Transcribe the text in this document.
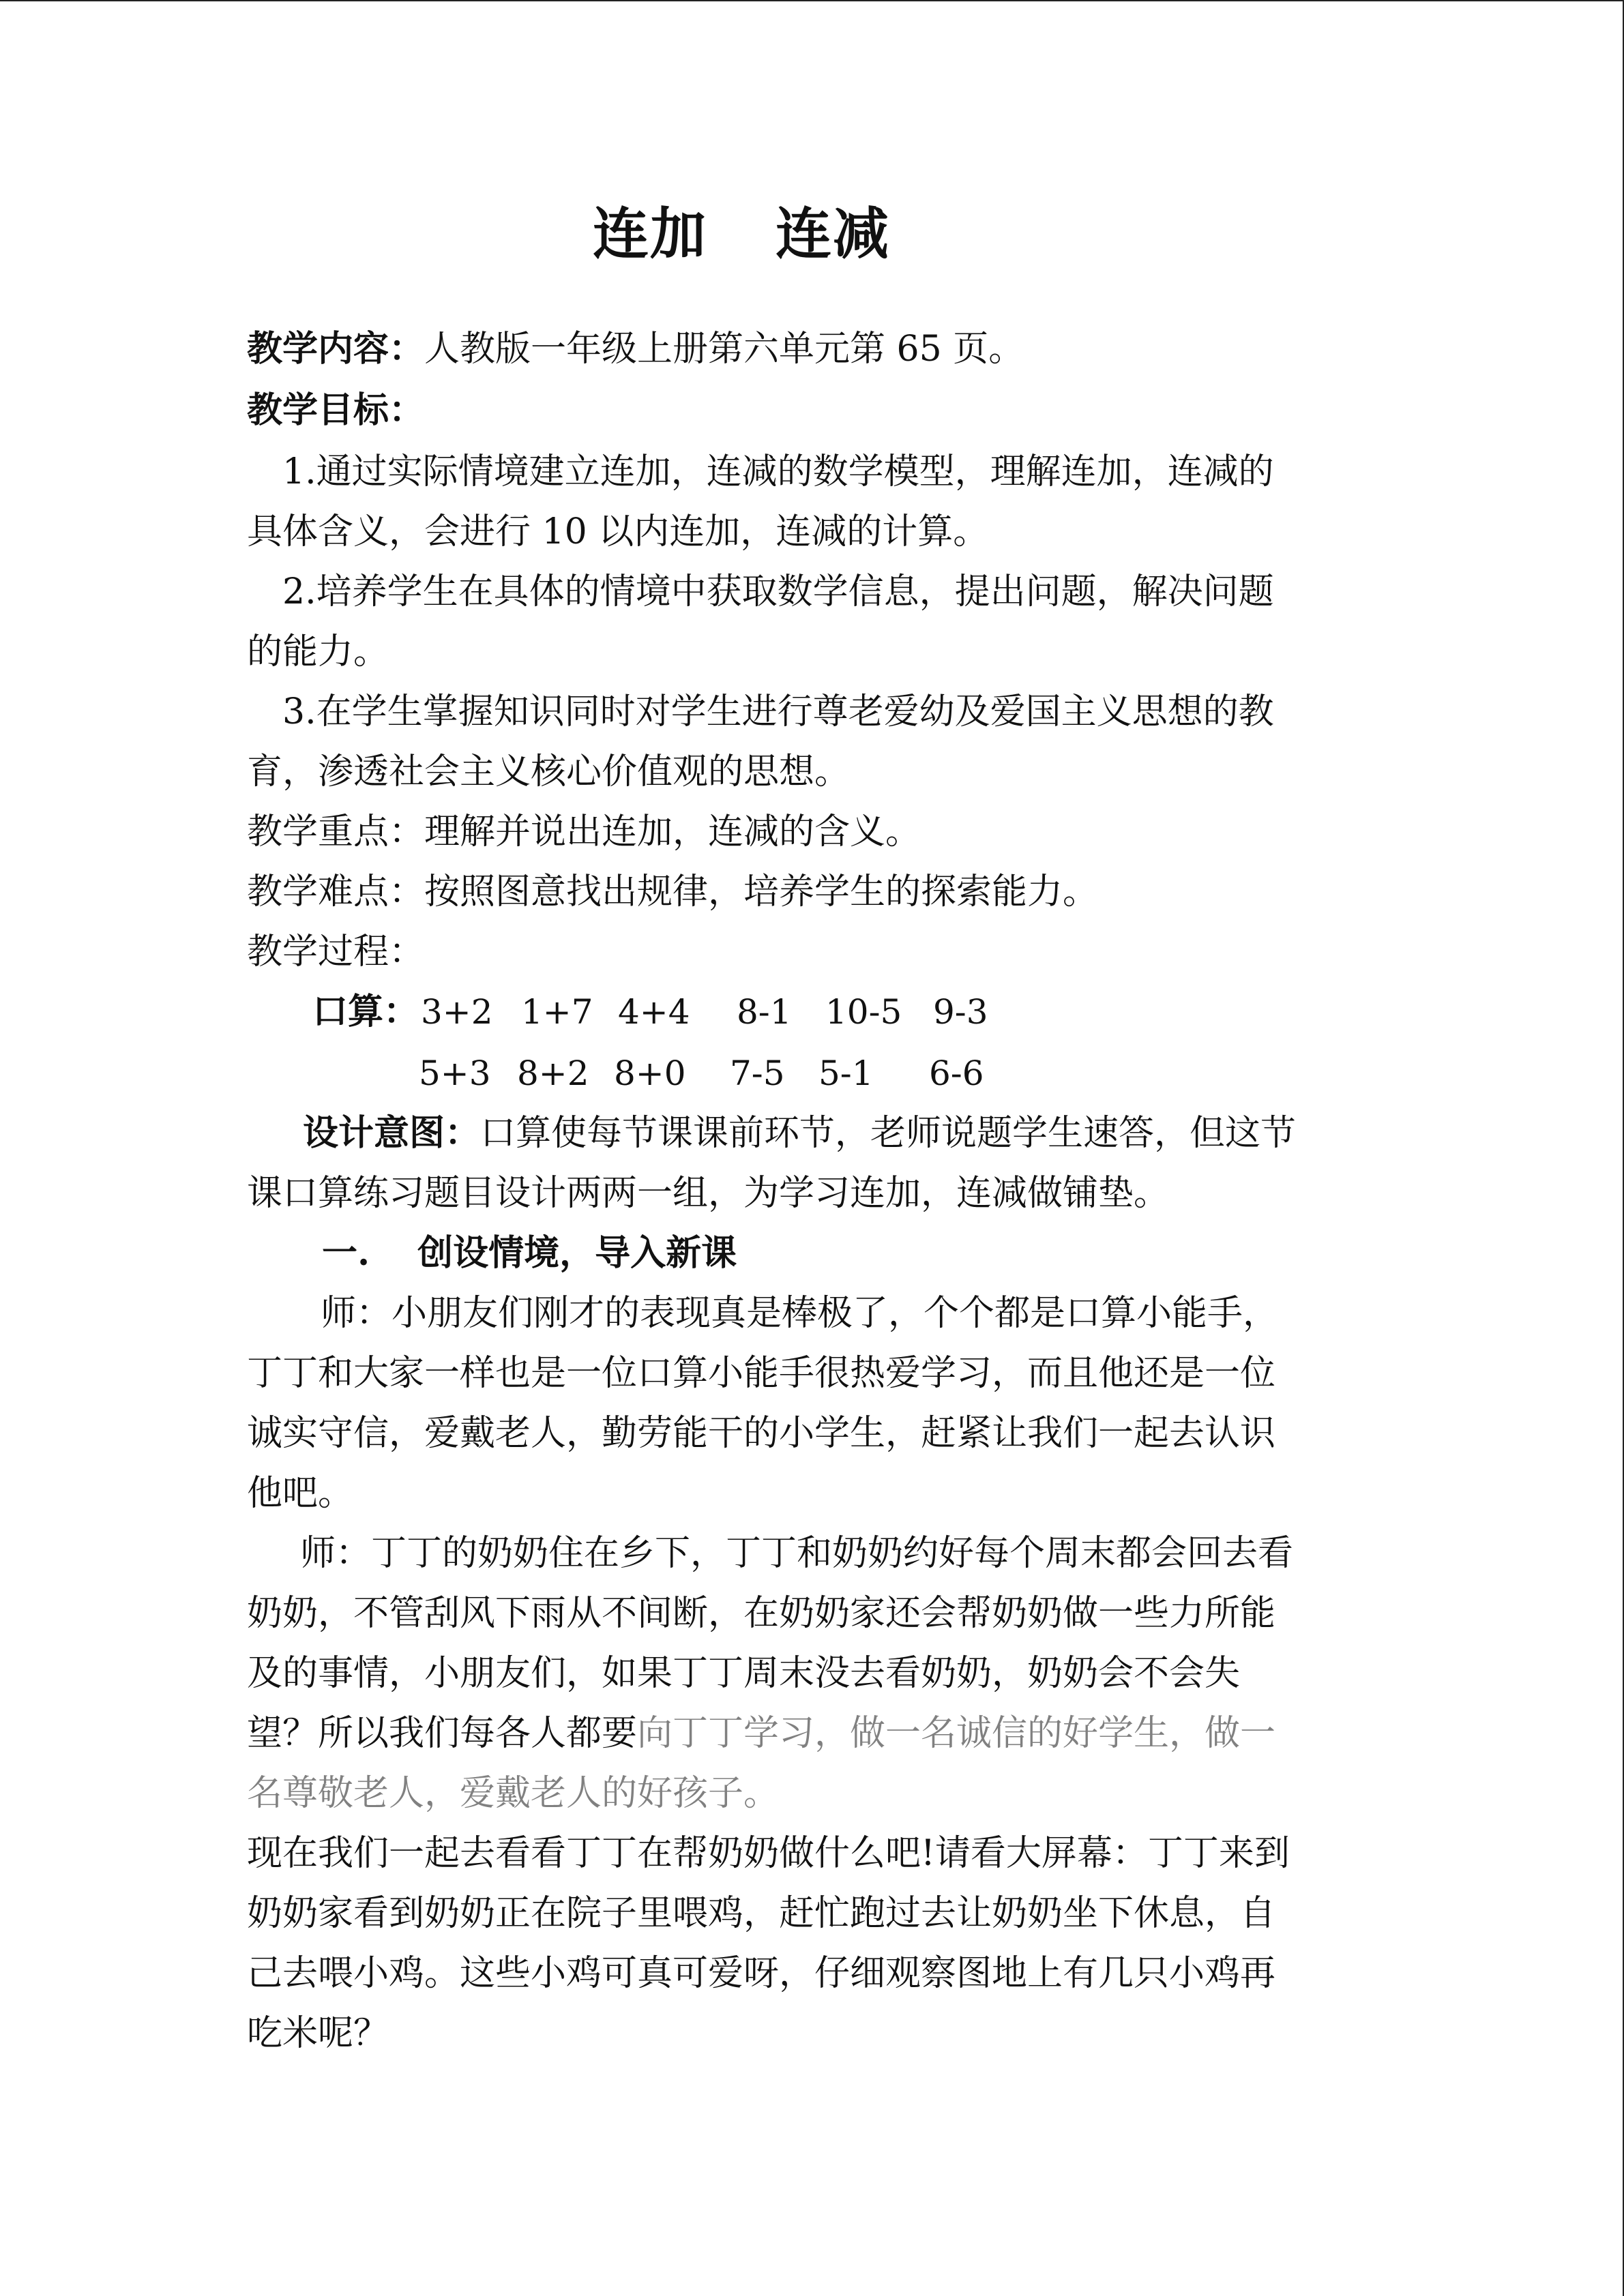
连加 连减
教学内容：人教版一年级上册第六单元第 65 页。
教学目标：
1.通过实际情境建立连加，连减的数学模型，理解连加，连减的
具体含义，会进行 10 以内连加，连减的计算。
2.培养学生在具体的情境中获取数学信息，提出问题，解决问题
的能力。
3.在学生掌握知识同时对学生进行尊老爱幼及爱国主义思想的教
育，渗透社会主义核心价值观的思想。
教学重点：理解并说出连加，连减的含义。
教学难点：按照图意找出规律，培养学生的探索能力。
教学过程：
口算： 3+2 1+7 4+4 8-1 10-5 9-3
5+3 8+2 8+0 7-5 5-1 6-6
设计意图：口算使每节课课前环节，老师说题学生速答，但这节
课口算练习题目设计两两一组，为学习连加，连减做铺垫。
一. 创设情境，导入新课
师：小朋友们刚才的表现真是棒极了，个个都是口算小能手，
丁丁和大家一样也是一位口算小能手很热爱学习，而且他还是一位
诚实守信，爱戴老人，勤劳能干的小学生，赶紧让我们一起去认识
他吧。
师：丁丁的奶奶住在乡下，丁丁和奶奶约好每个周末都会回去看
奶奶，不管刮风下雨从不间断，在奶奶家还会帮奶奶做一些力所能
及的事情，小朋友们，如果丁丁周末没去看奶奶，奶奶会不会失
望？所以我们每各人都要向丁丁学习，做一名诚信的好学生，做一
名尊敬老人，爱戴老人的好孩子。
现在我们一起去看看丁丁在帮奶奶做什么吧!请看大屏幕：丁丁来到
奶奶家看到奶奶正在院子里喂鸡，赶忙跑过去让奶奶坐下休息，自
己去喂小鸡。这些小鸡可真可爱呀，仔细观察图地上有几只小鸡再
吃米呢？
